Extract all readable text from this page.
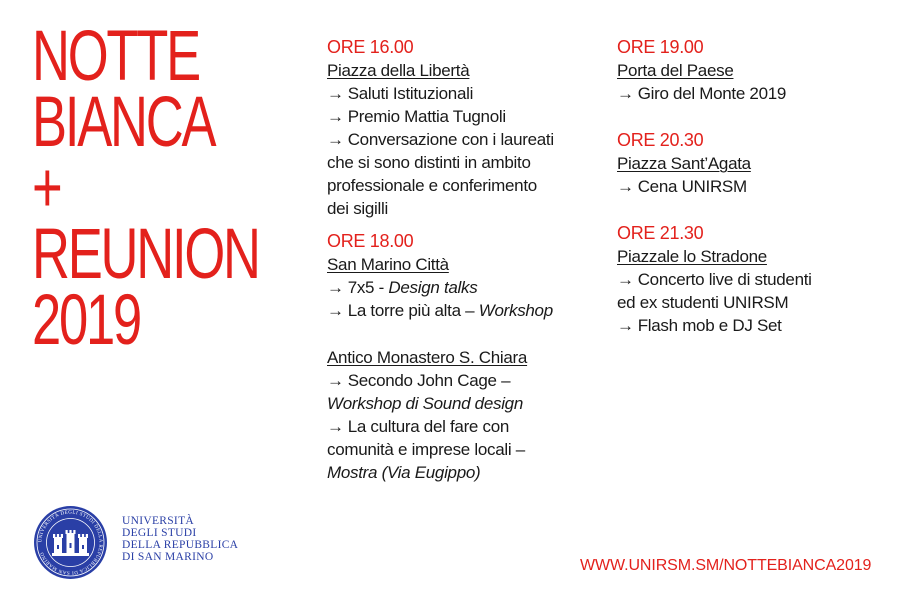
NOTTE
BIANCA
+
REUNION
2019
ORE 16.00
Piazza della Libertà
→ Saluti Istituzionali
→ Premio Mattia Tugnoli
→ Conversazione con i laureati
che si sono distinti in ambito
professionale e conferimento
dei sigilli
ORE 18.00
San Marino Città
→ 7x5 - Design talks
→ La torre più alta – Workshop
Antico Monastero S. Chiara
→ Secondo John Cage –
Workshop di Sound design
→ La cultura del fare con
comunità e imprese locali –
Mostra (Via Eugippo)
ORE 19.00
Porta del Paese
→ Giro del Monte 2019
ORE 20.30
Piazza Sant’Agata
→ Cena UNIRSM
ORE 21.30
Piazzale lo Stradone
→ Concerto live di studenti
ed ex studenti UNIRSM
→ Flash mob e DJ Set
UNIVERSITÀ DEGLI STUDI DELLA REPUBBLICA DI SAN MARINO
UNIVERSITÀ
DEGLI STUDI
DELLA REPUBBLICA
DI SAN MARINO	WWW.UNIRSM.SM/NOTTEBIANCA2019
